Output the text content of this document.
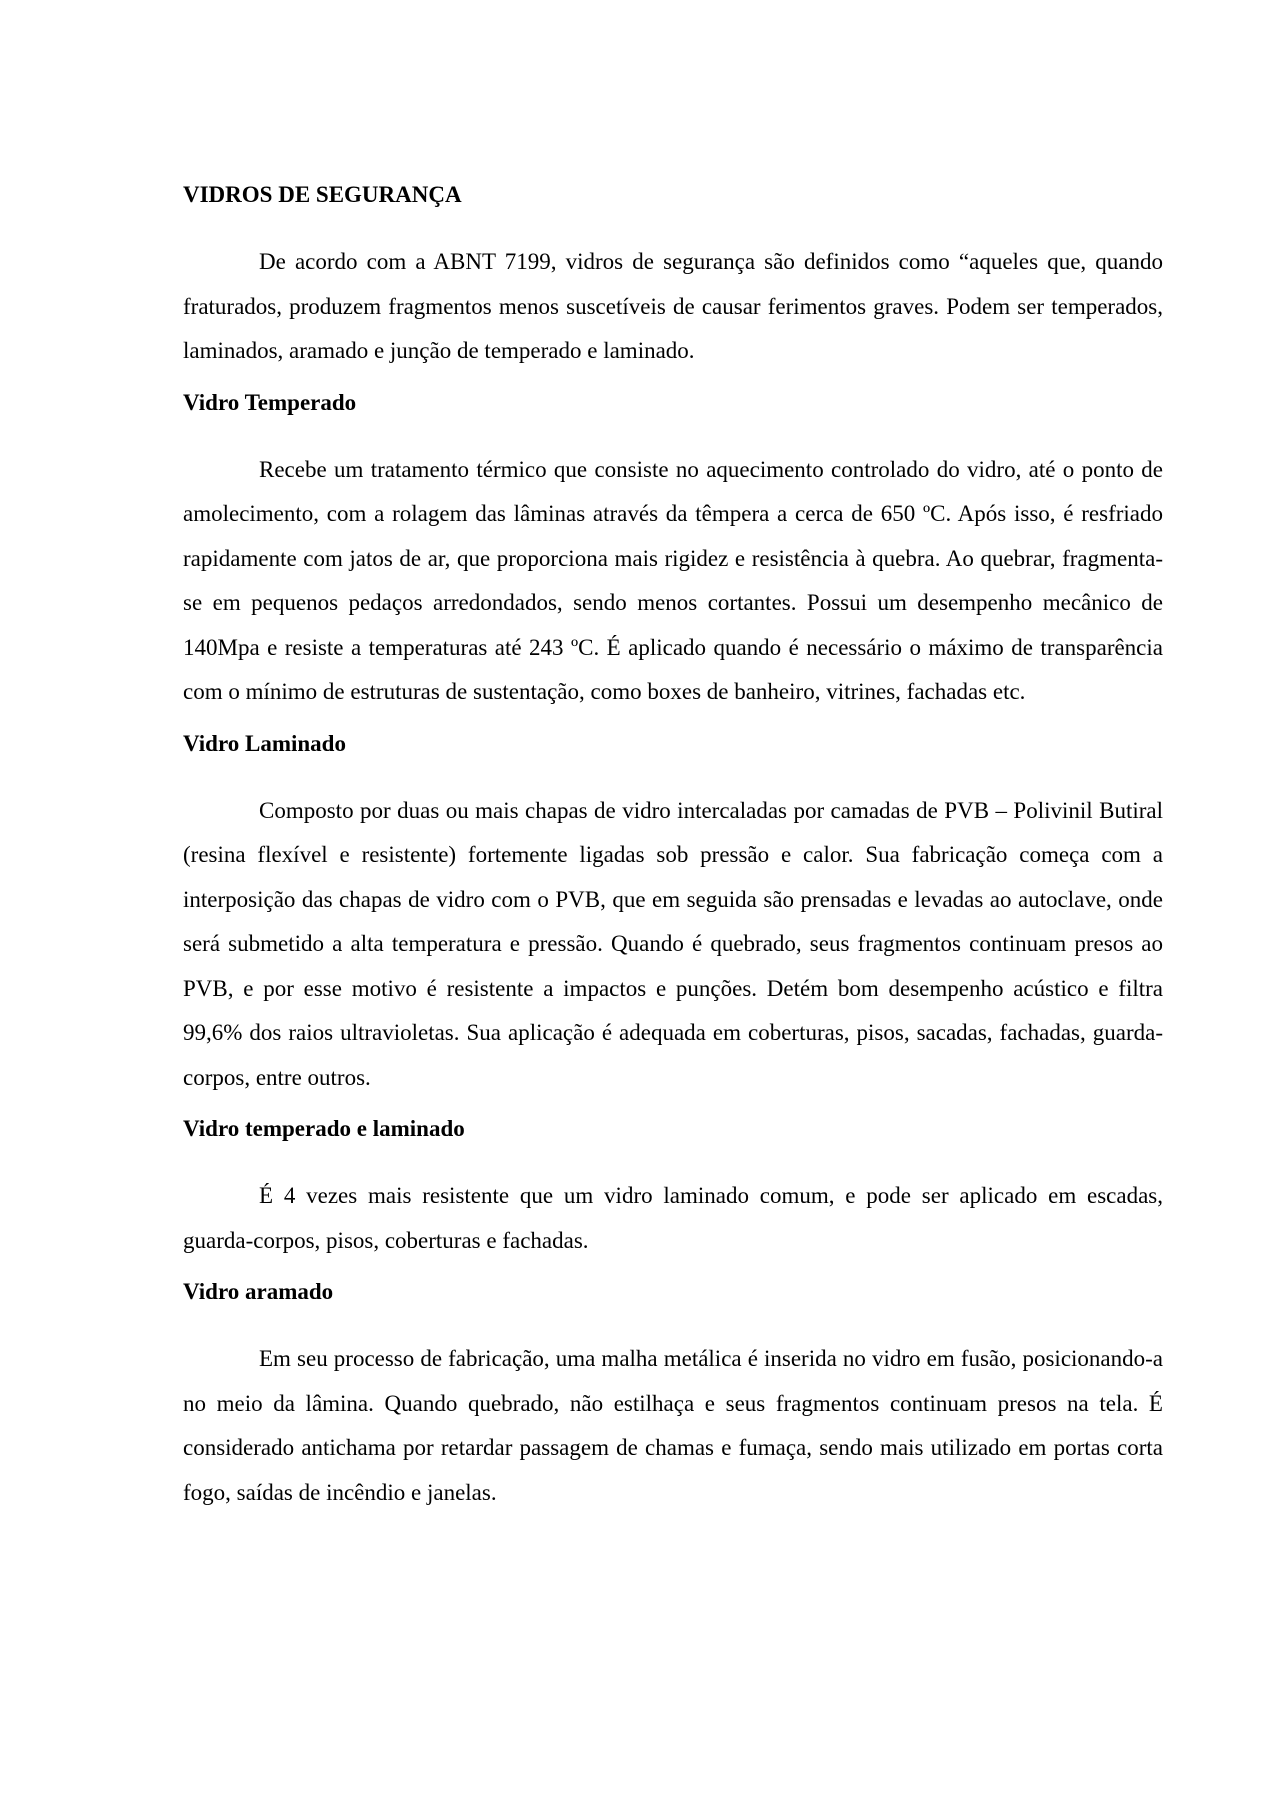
VIDROS DE SEGURANÇA

De acordo com a ABNT 7199, vidros de segurança são definidos como “aqueles que, quando fraturados, produzem fragmentos menos suscetíveis de causar ferimentos graves. Podem ser temperados, laminados, aramado e junção de temperado e laminado.

Vidro Temperado

Recebe um tratamento térmico que consiste no aquecimento controlado do vidro, até o ponto de amolecimento, com a rolagem das lâminas através da têmpera a cerca de 650 ºC. Após isso, é resfriado rapidamente com jatos de ar, que proporciona mais rigidez e resistência à quebra. Ao quebrar, fragmenta-se em pequenos pedaços arredondados, sendo menos cortantes. Possui um desempenho mecânico de 140Mpa e resiste a temperaturas até 243 ºC. É aplicado quando é necessário o máximo de transparência com o mínimo de estruturas de sustentação, como boxes de banheiro, vitrines, fachadas etc.

Vidro Laminado

Composto por duas ou mais chapas de vidro intercaladas por camadas de PVB – Polivinil Butiral (resina flexível e resistente) fortemente ligadas sob pressão e calor. Sua fabricação começa com a interposição das chapas de vidro com o PVB, que em seguida são prensadas e levadas ao autoclave, onde será submetido a alta temperatura e pressão. Quando é quebrado, seus fragmentos continuam presos ao PVB, e por esse motivo é resistente a impactos e punções. Detém bom desempenho acústico e filtra 99,6% dos raios ultravioletas. Sua aplicação é adequada em coberturas, pisos, sacadas, fachadas, guarda-corpos, entre outros.

Vidro temperado e laminado

É 4 vezes mais resistente que um vidro laminado comum, e pode ser aplicado em escadas, guarda-corpos, pisos, coberturas e fachadas.

Vidro aramado

Em seu processo de fabricação, uma malha metálica é inserida no vidro em fusão, posicionando-a no meio da lâmina. Quando quebrado, não estilhaça e seus fragmentos continuam presos na tela. É considerado antichama por retardar passagem de chamas e fumaça, sendo mais utilizado em portas corta fogo, saídas de incêndio e janelas.
